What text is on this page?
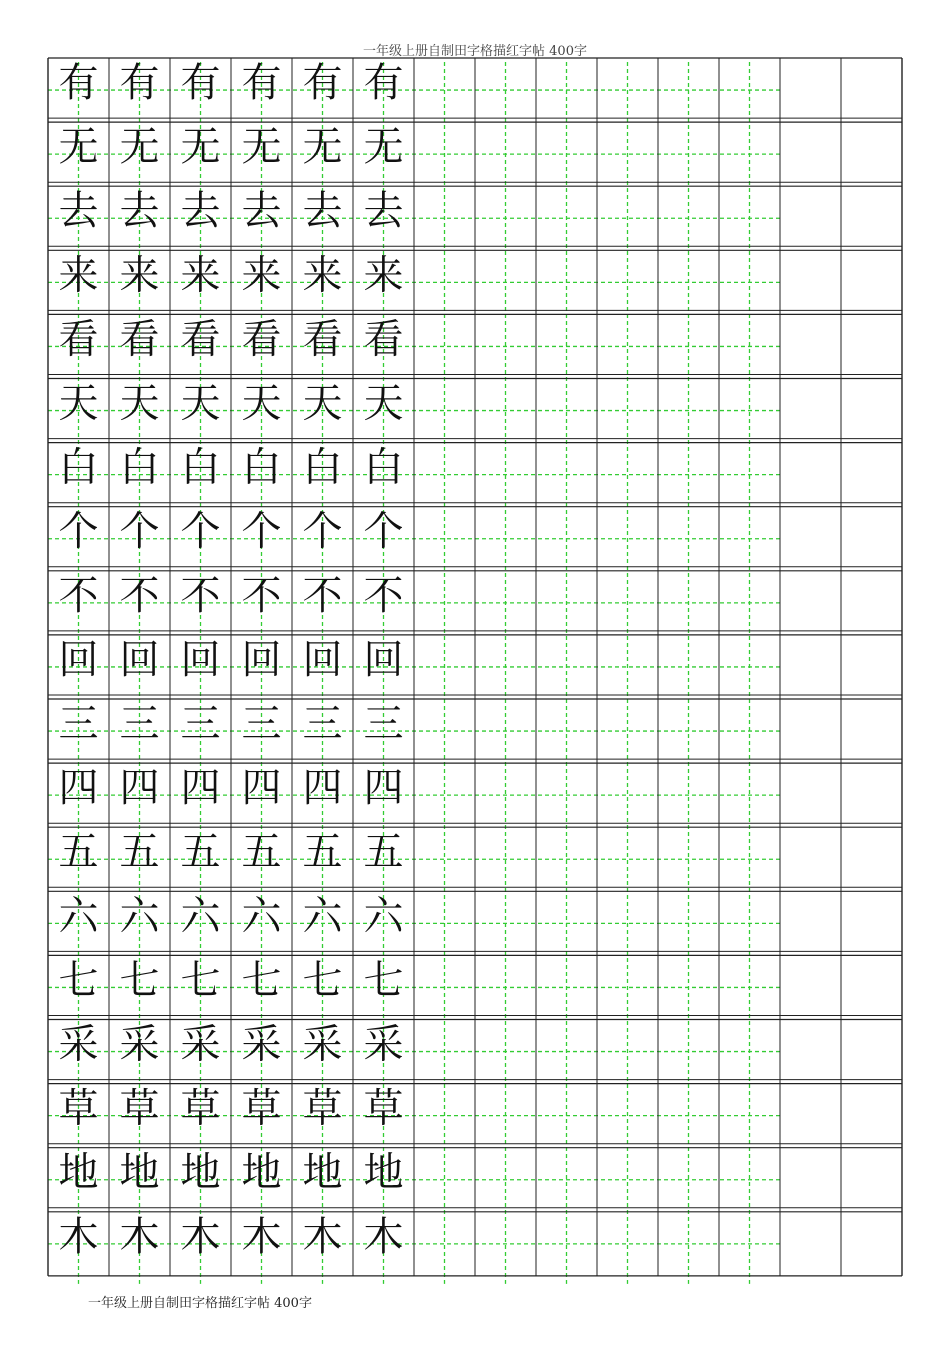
一年级上册自制田字格描红字帖 400字
有 有 有 有 有 有
无 无 无 无 无 无
去 去 去 去 去 去
来 来 来 来 来 来
看 看 看 看 看 看
天 天 天 天 天 天
白 白 白 白 白 白
个 个 个 个 个 个
不 不 不 不 不 不
回 回 回 回 回 回
三 三 三 三 三 三
四 四 四 四 四 四
五 五 五 五 五 五
六 六 六 六 六 六
七 七 七 七 七 七
采 采 采 采 采 采
草 草 草 草 草 草
地 地 地 地 地 地
木 木 木 木 木 木
一年级上册自制田字格描红字帖 400字
